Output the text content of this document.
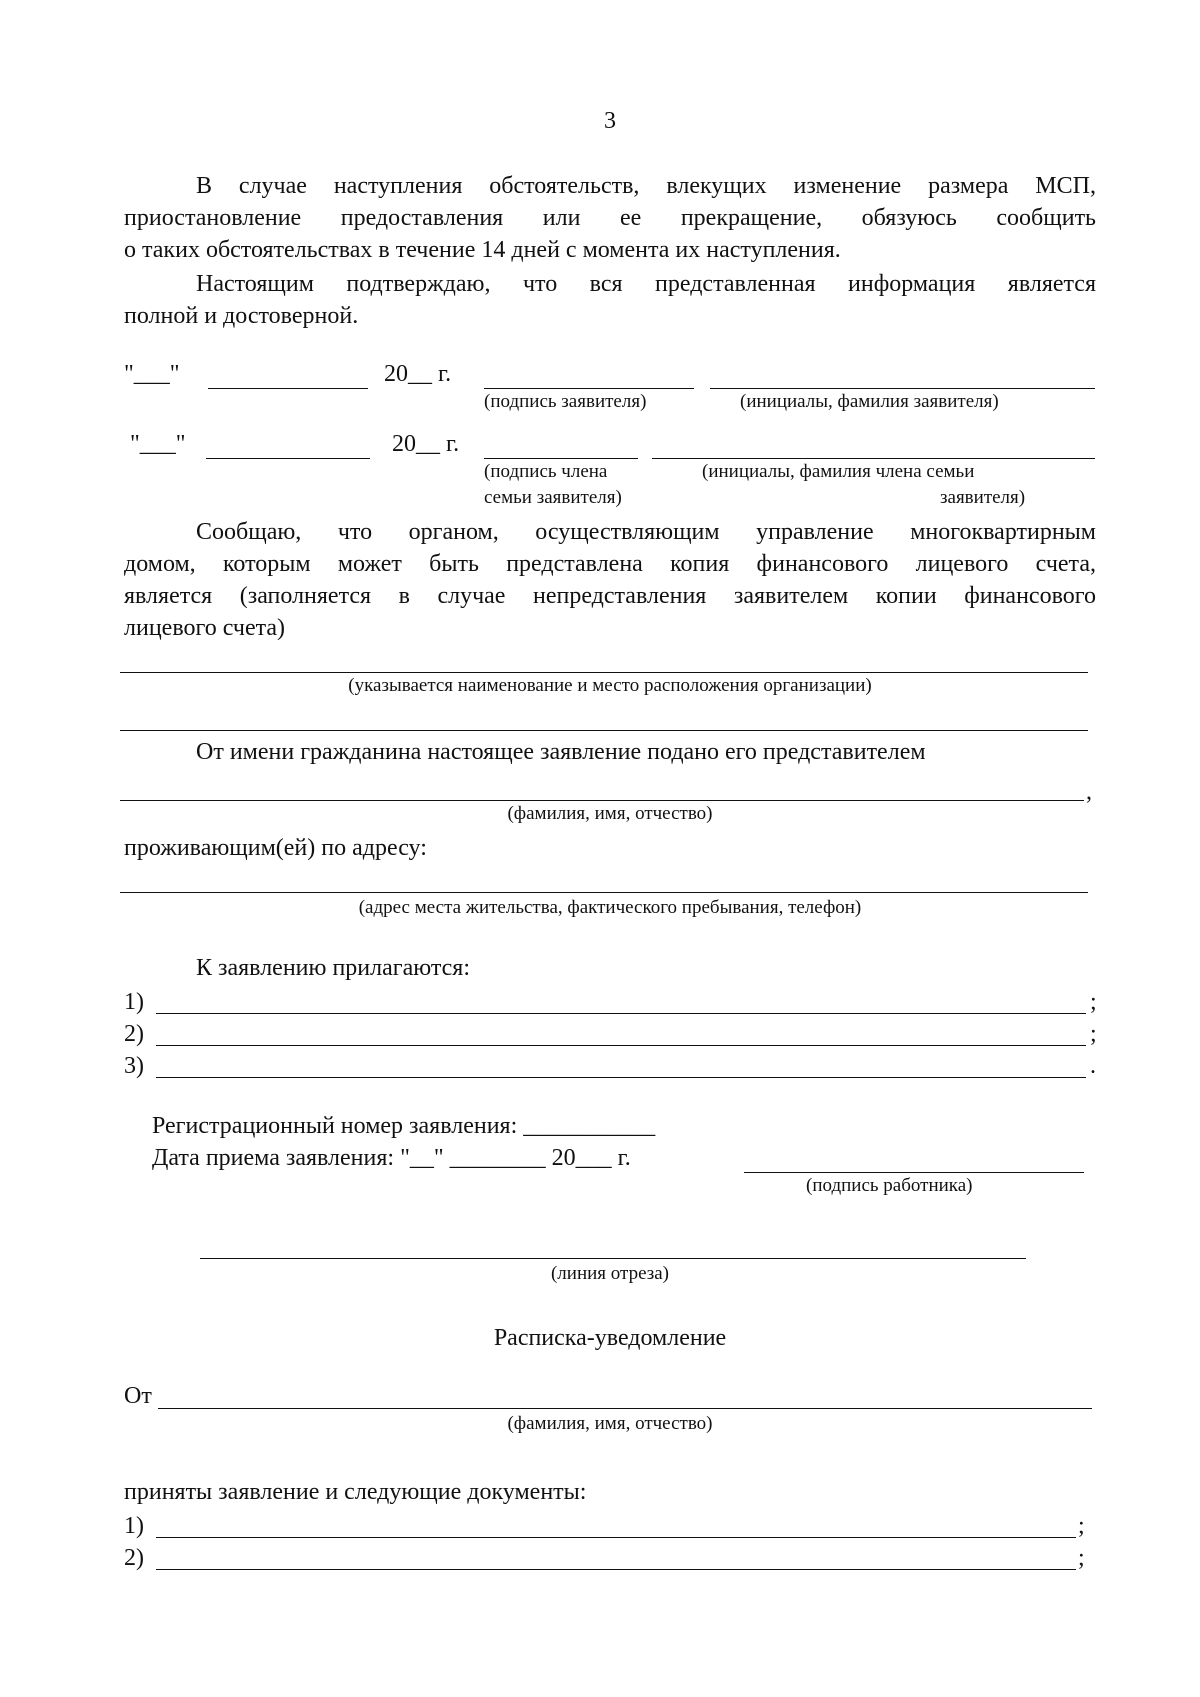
3
В случае наступления обстоятельств, влекущих изменение размера МСП,
приостановление предоставления или ее прекращение, обязуюсь сообщить
о таких обстоятельствах в течение 14 дней с момента их наступления.
Настоящим подтверждаю, что вся представленная информация является
полной и достоверной.
"___"	20__ г.
(подпись заявителя)	(инициалы, фамилия заявителя)
"___"	20__ г.
(подпись члена
семьи заявителя)
(инициалы, фамилия члена семьи
заявителя)
Сообщаю, что органом, осуществляющим управление многоквартирным
домом, которым может быть представлена копия финансового лицевого счета,
является (заполняется в случае непредставления заявителем копии финансового
лицевого счета)
(указывается наименование и место расположения организации)
От имени гражданина настоящее заявление подано его представителем
,
(фамилия, имя, отчество)
проживающим(ей) по адресу:
(адрес места жительства, фактического пребывания, телефон)
К заявлению прилагаются:
1)	;
2)	;
3)	.
Регистрационный номер заявления: ___________
Дата приема заявления: "__" ________ 20___ г.
(подпись работника)
(линия отреза)
Расписка-уведомление
От
(фамилия, имя, отчество)
приняты заявление и следующие документы:
1)	;
2)	;
